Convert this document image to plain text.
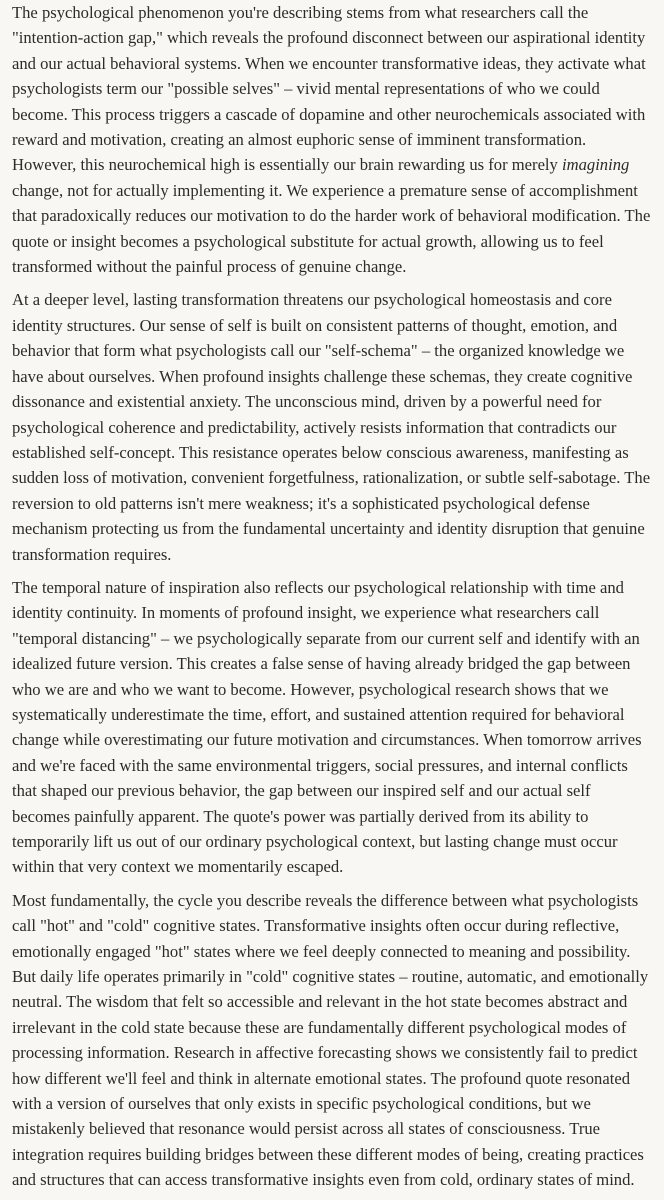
The psychological phenomenon you're describing stems from what researchers call the "intention-action gap," which reveals the profound disconnect between our aspirational identity and our actual behavioral systems. When we encounter transformative ideas, they activate what psychologists term our "possible selves" – vivid mental representations of who we could become. This process triggers a cascade of dopamine and other neurochemicals associated with reward and motivation, creating an almost euphoric sense of imminent transformation. However, this neurochemical high is essentially our brain rewarding us for merely imagining change, not for actually implementing it. We experience a premature sense of accomplishment that paradoxically reduces our motivation to do the harder work of behavioral modification. The quote or insight becomes a psychological substitute for actual growth, allowing us to feel transformed without the painful process of genuine change.

At a deeper level, lasting transformation threatens our psychological homeostasis and core identity structures. Our sense of self is built on consistent patterns of thought, emotion, and behavior that form what psychologists call our "self-schema" – the organized knowledge we have about ourselves. When profound insights challenge these schemas, they create cognitive dissonance and existential anxiety. The unconscious mind, driven by a powerful need for psychological coherence and predictability, actively resists information that contradicts our established self-concept. This resistance operates below conscious awareness, manifesting as sudden loss of motivation, convenient forgetfulness, rationalization, or subtle self-sabotage. The reversion to old patterns isn't mere weakness; it's a sophisticated psychological defense mechanism protecting us from the fundamental uncertainty and identity disruption that genuine transformation requires.

The temporal nature of inspiration also reflects our psychological relationship with time and identity continuity. In moments of profound insight, we experience what researchers call "temporal distancing" – we psychologically separate from our current self and identify with an idealized future version. This creates a false sense of having already bridged the gap between who we are and who we want to become. However, psychological research shows that we systematically underestimate the time, effort, and sustained attention required for behavioral change while overestimating our future motivation and circumstances. When tomorrow arrives and we're faced with the same environmental triggers, social pressures, and internal conflicts that shaped our previous behavior, the gap between our inspired self and our actual self becomes painfully apparent. The quote's power was partially derived from its ability to temporarily lift us out of our ordinary psychological context, but lasting change must occur within that very context we momentarily escaped.

Most fundamentally, the cycle you describe reveals the difference between what psychologists call "hot" and "cold" cognitive states. Transformative insights often occur during reflective, emotionally engaged "hot" states where we feel deeply connected to meaning and possibility. But daily life operates primarily in "cold" cognitive states – routine, automatic, and emotionally neutral. The wisdom that felt so accessible and relevant in the hot state becomes abstract and irrelevant in the cold state because these are fundamentally different psychological modes of processing information. Research in affective forecasting shows we consistently fail to predict how different we'll feel and think in alternate emotional states. The profound quote resonated with a version of ourselves that only exists in specific psychological conditions, but we mistakenly believed that resonance would persist across all states of consciousness. True integration requires building bridges between these different modes of being, creating practices and structures that can access transformative insights even from cold, ordinary states of mind.
